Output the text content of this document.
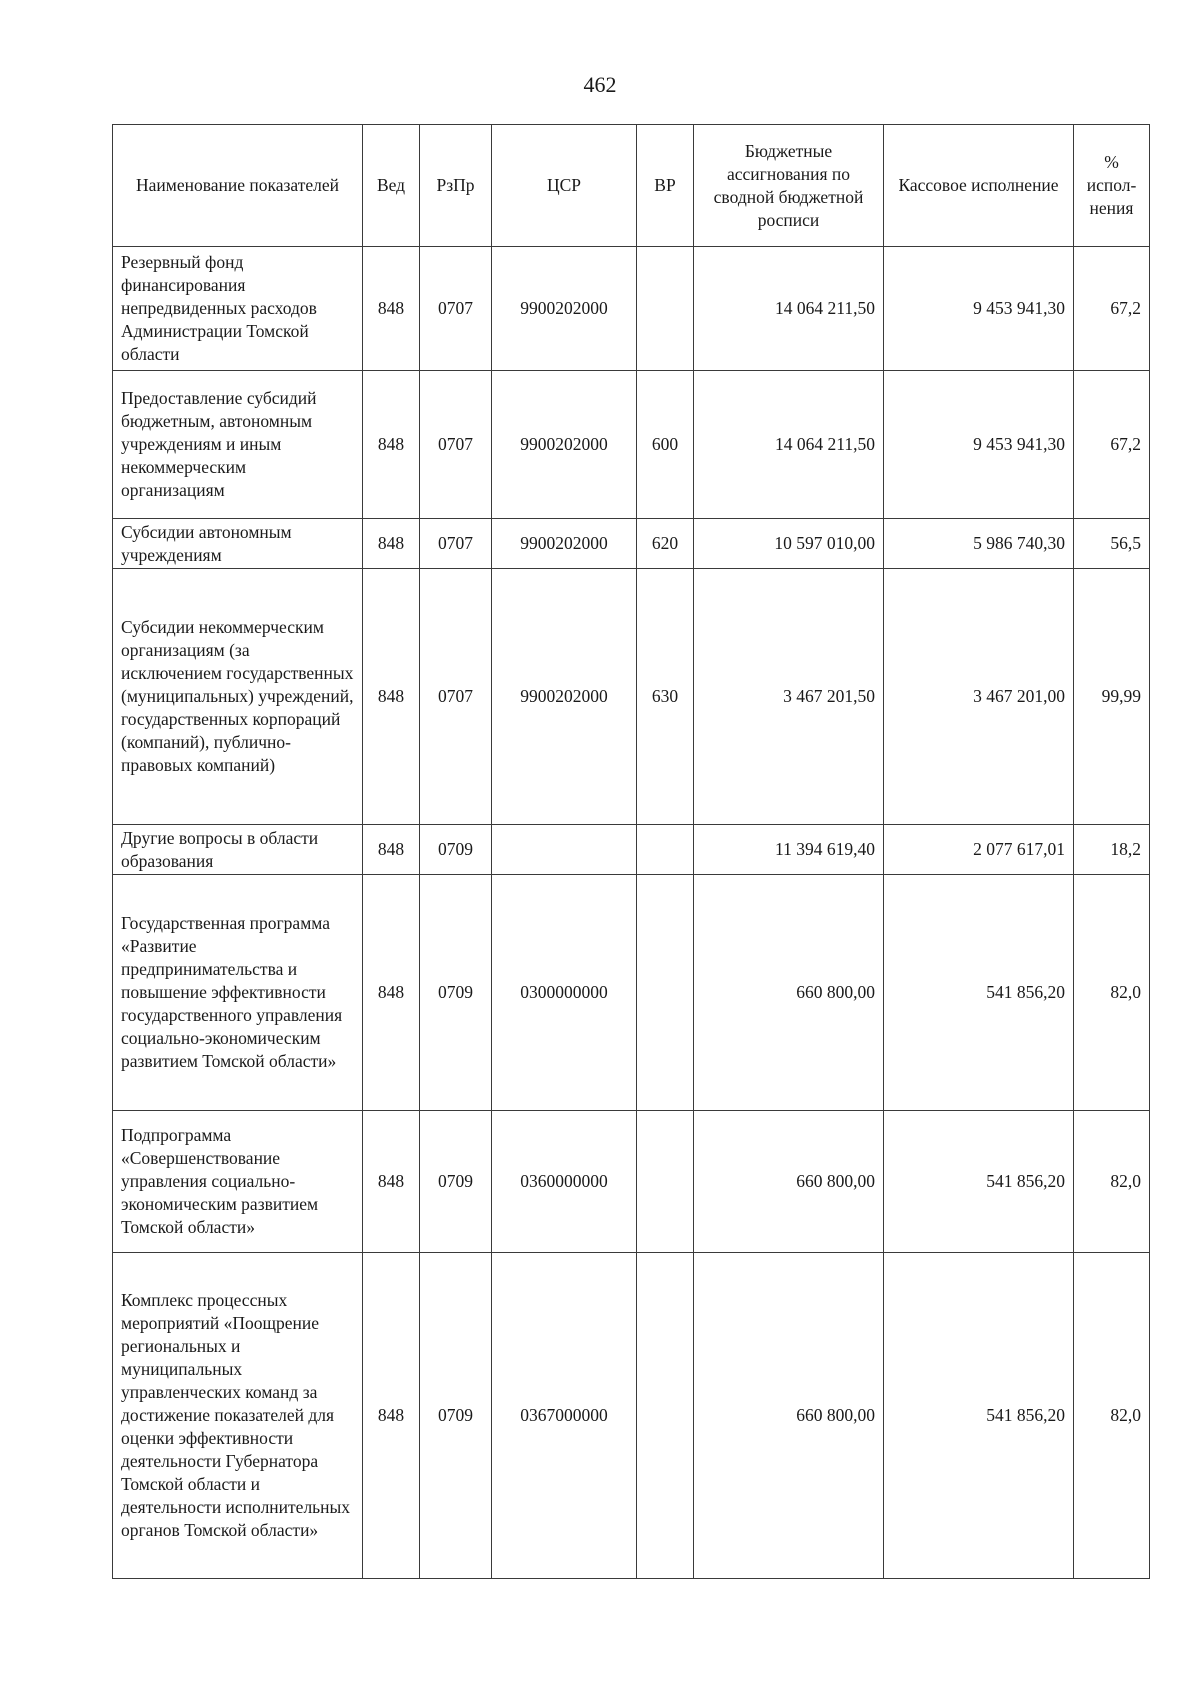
462
Наименование показателей	Вед	РзПр	ЦСР	ВР	Бюджетные ассигнования по сводной бюджетной росписи	Кассовое исполнение	% испол-нения
Резервный фонд финансирования непредвиденных расходов Администрации Томской области	848	0707	9900202000		14 064 211,50	9 453 941,30	67,2
Предоставление субсидий бюджетным, автономным учреждениям и иным некоммерческим организациям	848	0707	9900202000	600	14 064 211,50	9 453 941,30	67,2
Субсидии автономным учреждениям	848	0707	9900202000	620	10 597 010,00	5 986 740,30	56,5
Субсидии некоммерческим организациям (за исключением государственных (муниципальных) учреждений, государственных корпораций (компаний), публично-правовых компаний)	848	0707	9900202000	630	3 467 201,50	3 467 201,00	99,99
Другие вопросы в области образования	848	0709			11 394 619,40	2 077 617,01	18,2
Государственная программа «Развитие предпринимательства и повышение эффективности государственного управления социально-экономическим развитием Томской области»	848	0709	0300000000		660 800,00	541 856,20	82,0
Подпрограмма «Совершенствование управления социально-экономическим развитием Томской области»	848	0709	0360000000		660 800,00	541 856,20	82,0
Комплекс процессных мероприятий «Поощрение региональных и муниципальных управленческих команд за достижение показателей для оценки эффективности деятельности Губернатора Томской области и деятельности исполнительных органов Томской области»	848	0709	0367000000		660 800,00	541 856,20	82,0
